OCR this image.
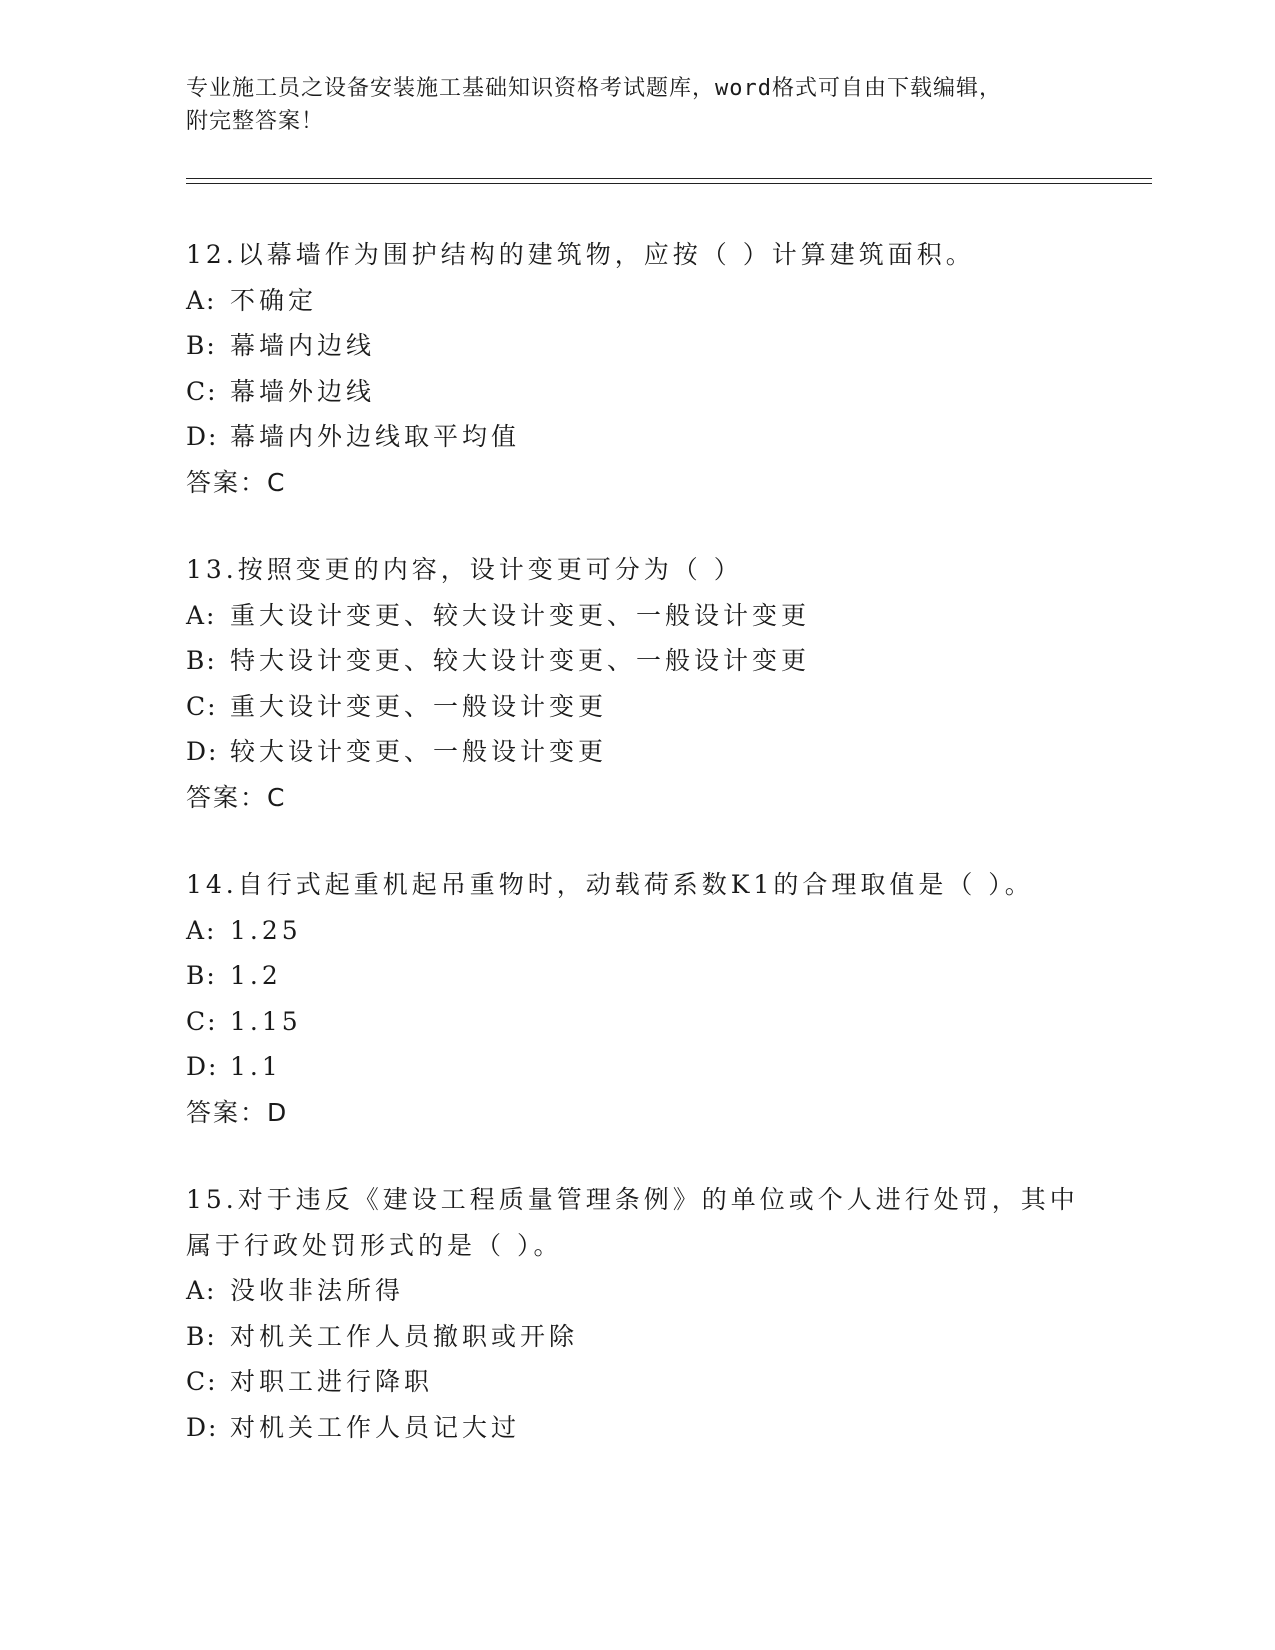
专业施工员之设备安装施工基础知识资格考试题库，word格式可自由下载编辑，
附完整答案！
12.以幕墙作为围护结构的建筑物，应按（ ）计算建筑面积。
A: 不确定
B: 幕墙内边线
C: 幕墙外边线
D: 幕墙内外边线取平均值
答案：C
13.按照变更的内容，设计变更可分为（ ）
A: 重大设计变更、较大设计变更、一般设计变更
B: 特大设计变更、较大设计变更、一般设计变更
C: 重大设计变更、一般设计变更
D: 较大设计变更、一般设计变更
答案：C
14.自行式起重机起吊重物时，动载荷系数K1的合理取值是（ ）。
A: 1.25
B: 1.2
C: 1.15
D: 1.1
答案：D
15.对于违反《建设工程质量管理条例》的单位或个人进行处罚，其中
属于行政处罚形式的是（ ）。
A: 没收非法所得
B: 对机关工作人员撤职或开除
C: 对职工进行降职
D: 对机关工作人员记大过
